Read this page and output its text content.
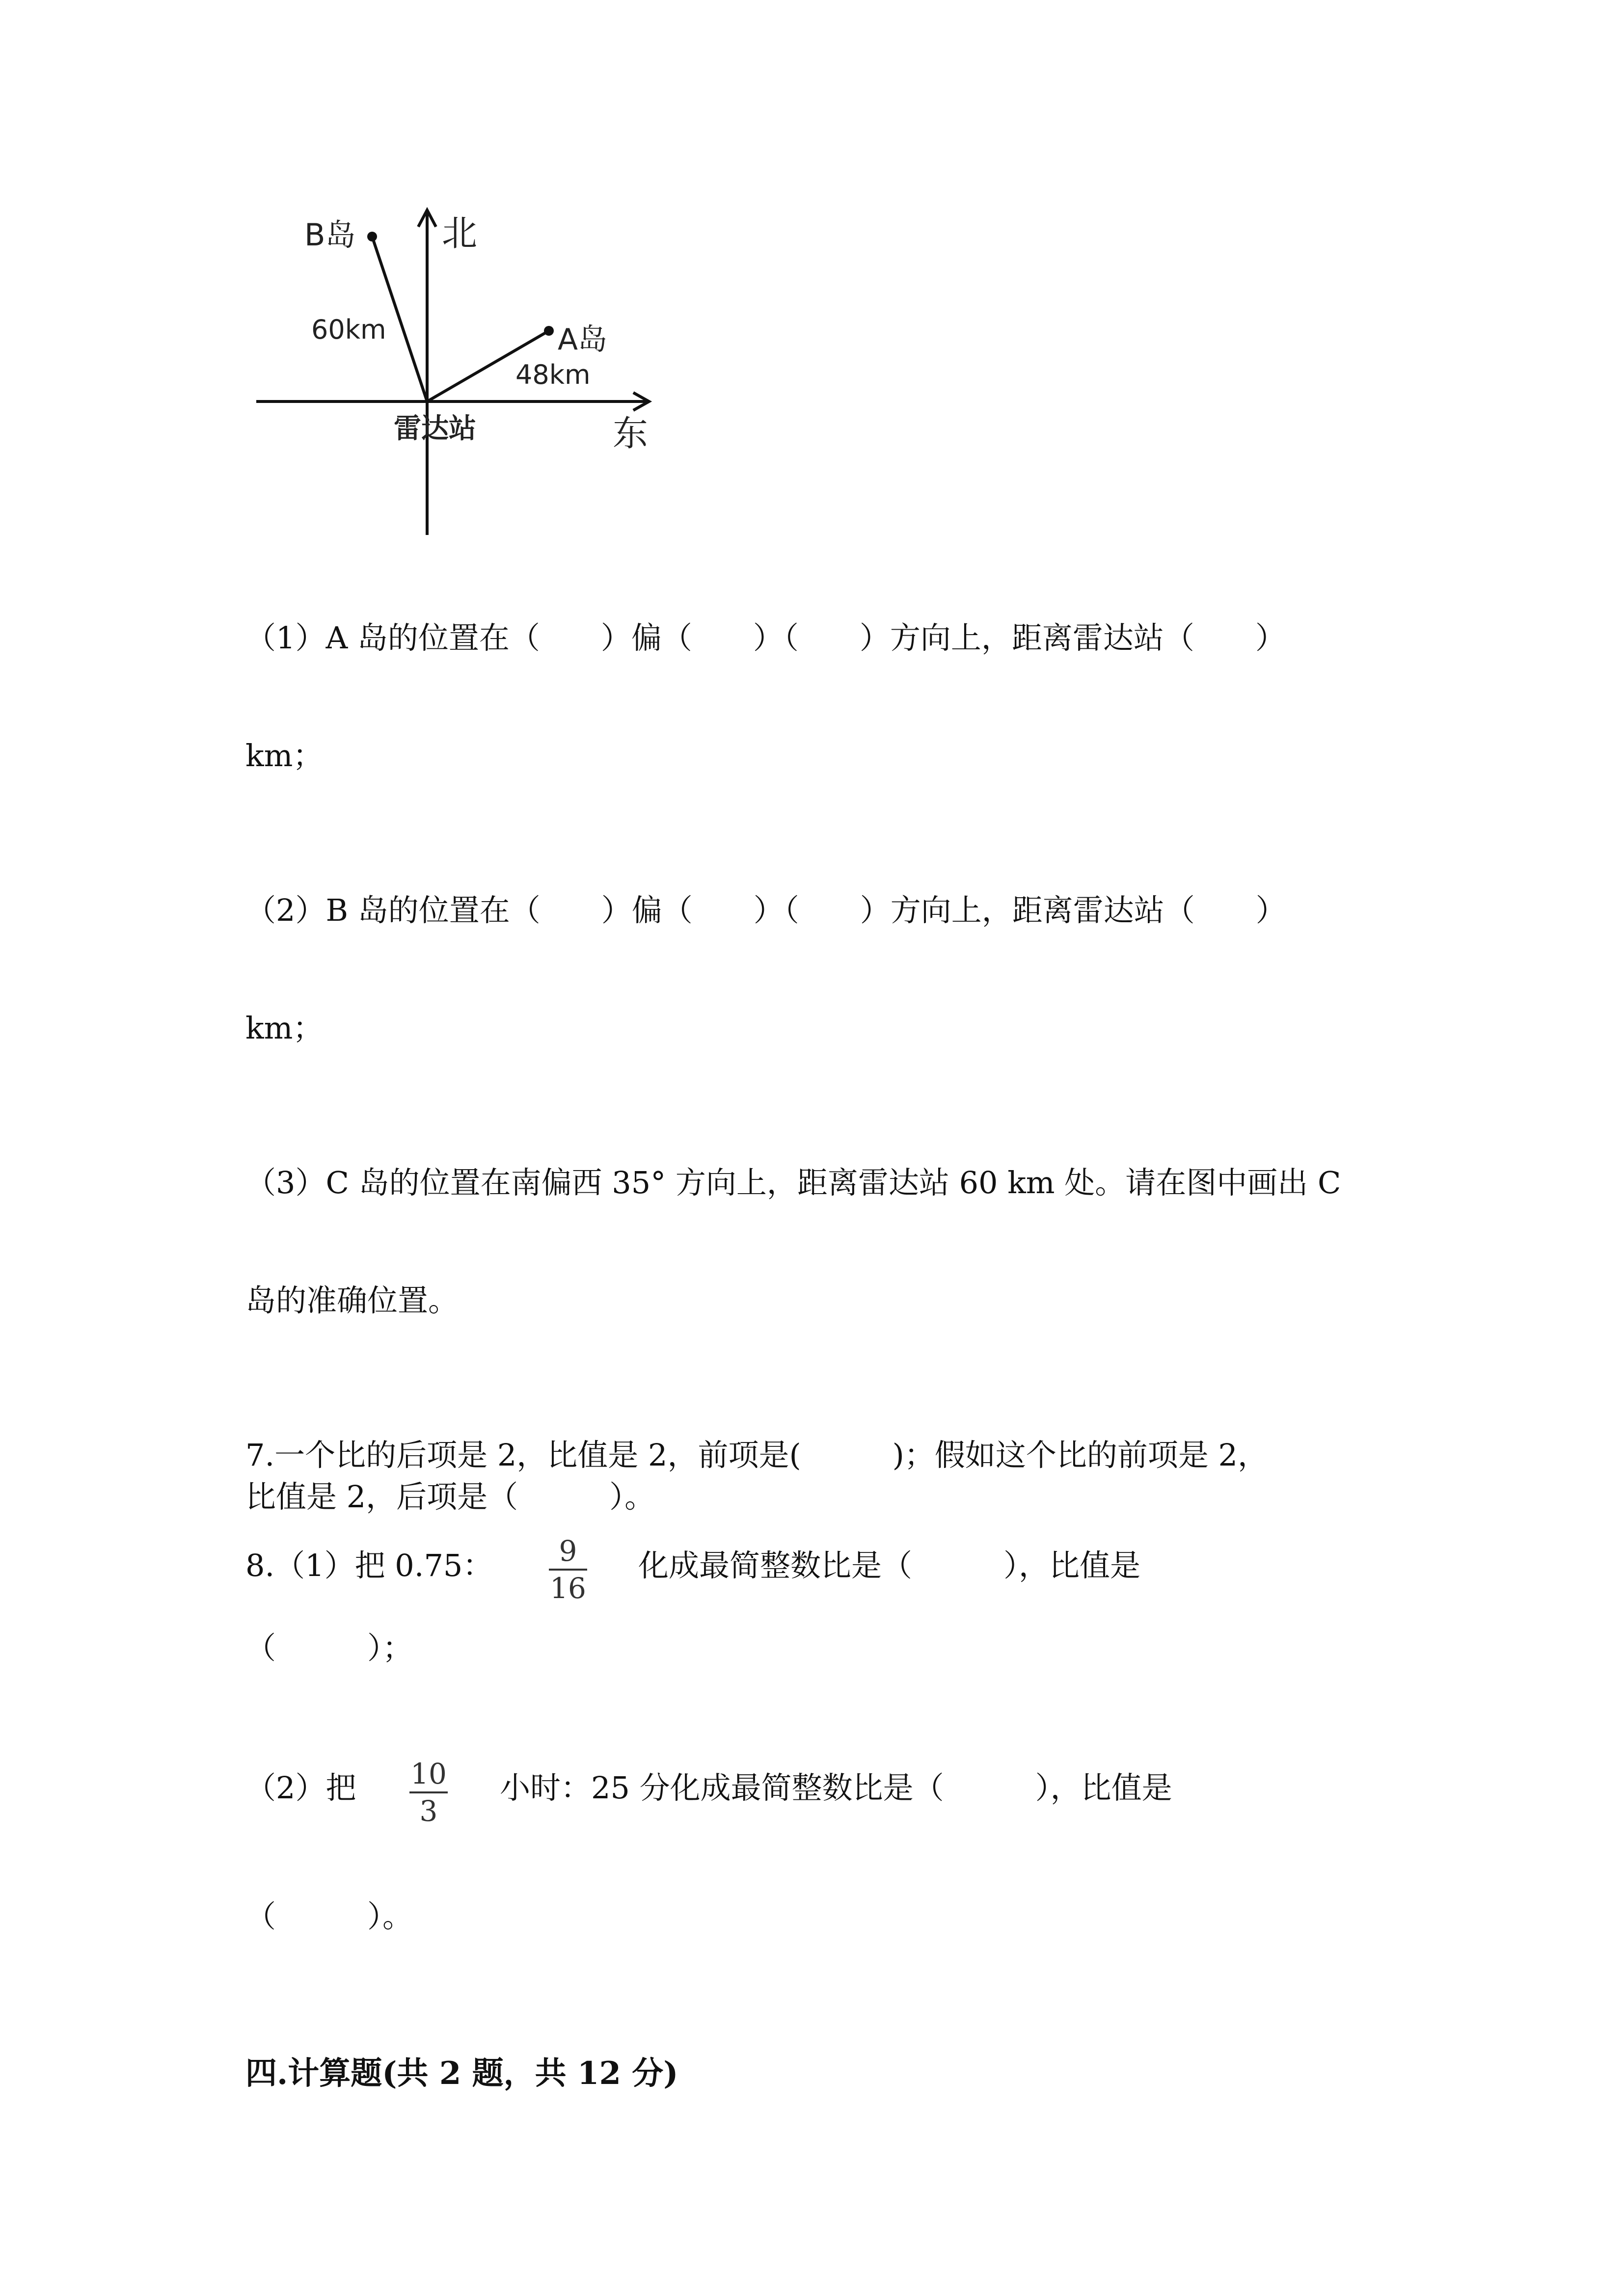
B岛 北
60km	A岛
48km
雷达站	东
（1）A 岛的位置在（　　）偏（　　）（　　）方向上，距离雷达站（　　）
km；
（2）B 岛的位置在（　　）偏（　　）（　　）方向上，距离雷达站（　　）
km；
（3）C 岛的位置在南偏西 35° 方向上，距离雷达站 60 km 处。请在图中画出 C
岛的准确位置。
7.一个比的后项是 2，比值是 2，前项是(　　　)；假如这个比的前项是 2，
比值是 2，后项是（　　　）。
8.（1）把 0.75：	9
16
化成最简整数比是（　　　），比值是
（　　　）；
（2）把 10
3
小时：25 分化成最简整数比是（　　　），比值是
（　　　）。
四.计算题(共 2 题，共 12 分)
